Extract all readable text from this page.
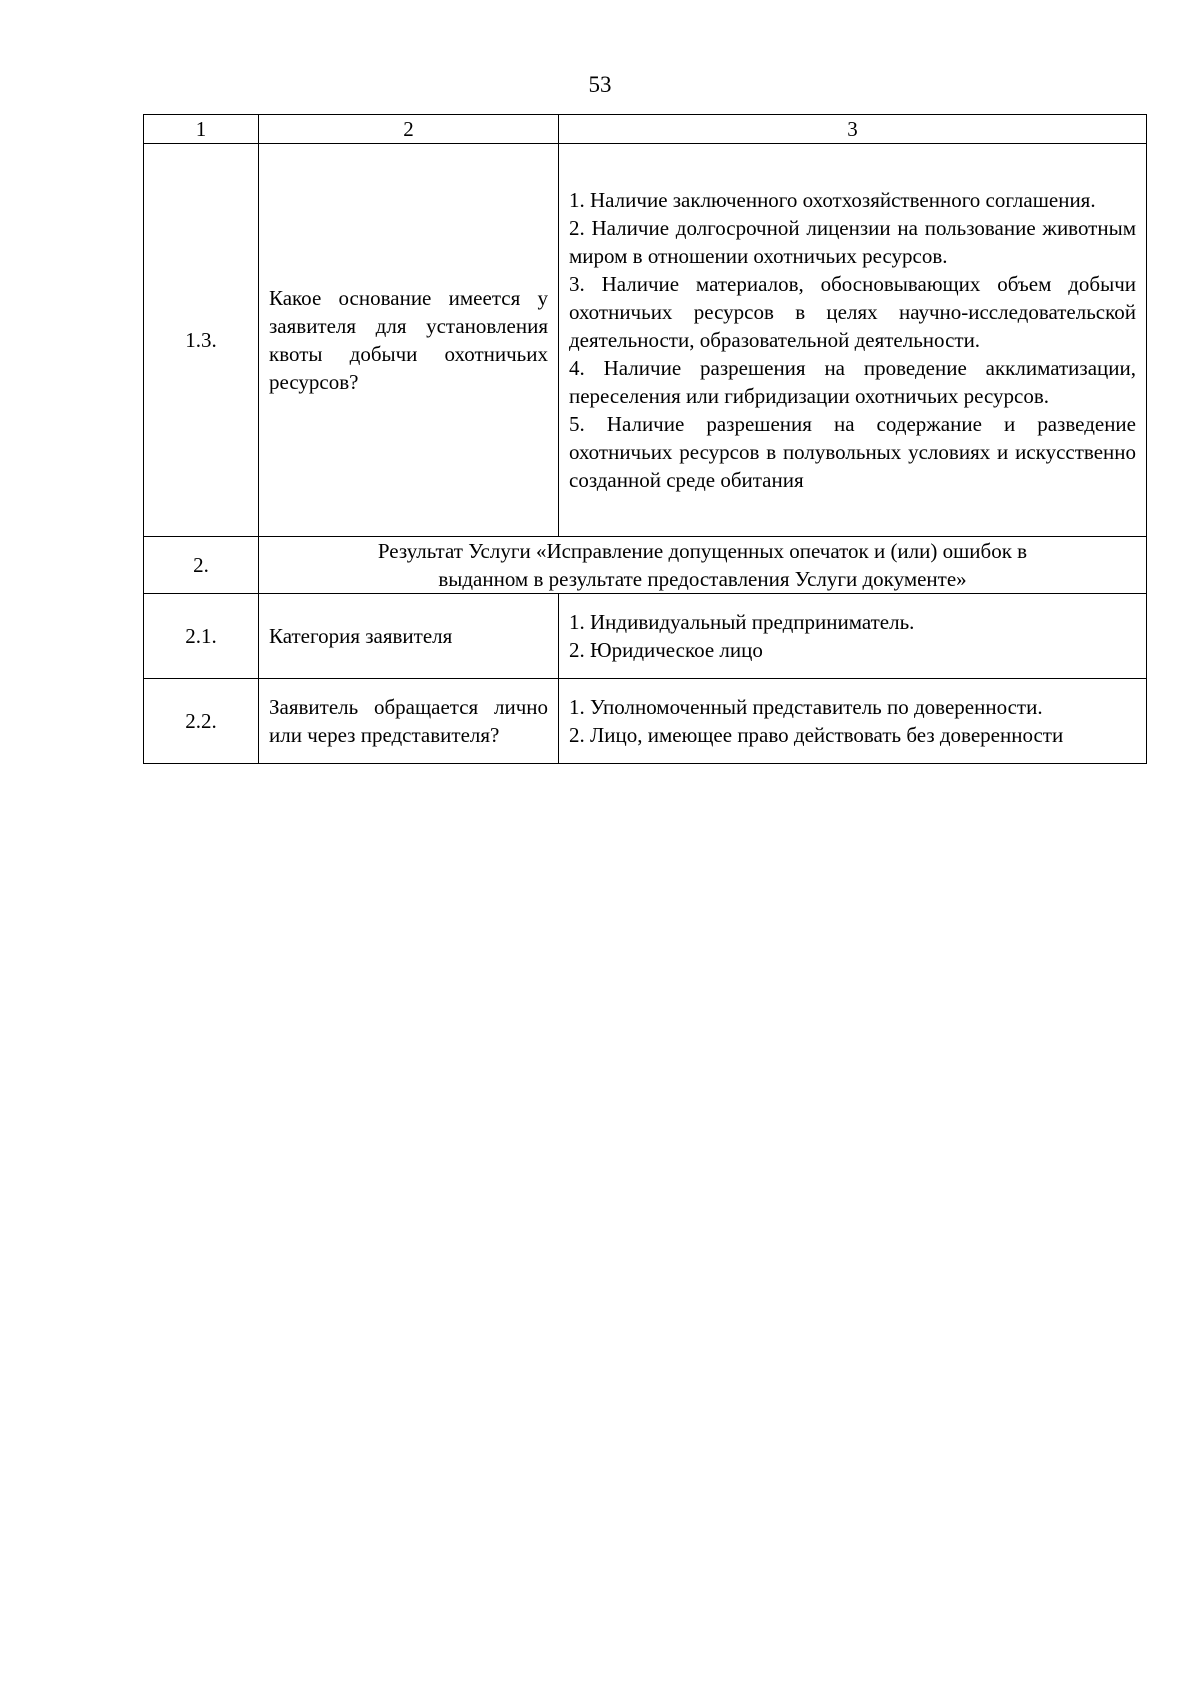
53
1	2	3
1.3.	Какое основание имеется у заявителя для установления квоты добычи охотничьих ресурсов?	1. Наличие заключенного охотхозяйственного соглашения.
2. Наличие долгосрочной лицензии на пользование животным миром в отношении охотничьих ресурсов.
3. Наличие материалов, обосновывающих объем добычи охотничьих ресурсов в целях научно-исследовательской деятельности, образовательной деятельности.
4. Наличие разрешения на проведение акклиматизации, переселения или гибридизации охотничьих ресурсов.
5. Наличие разрешения на содержание и разведение охотничьих ресурсов в полувольных условиях и искусственно созданной среде обитания

2.	Результат Услуги «Исправление допущенных опечаток и (или) ошибок в
выданном в результате предоставления Услуги документе»	

2.1.	Категория заявителя	1. Индивидуальный предприниматель.
2. Юридическое лицо

2.2.	Заявитель обращается лично или через представителя?	1. Уполномоченный представитель по доверенности.
2. Лицо, имеющее право действовать без доверенности
